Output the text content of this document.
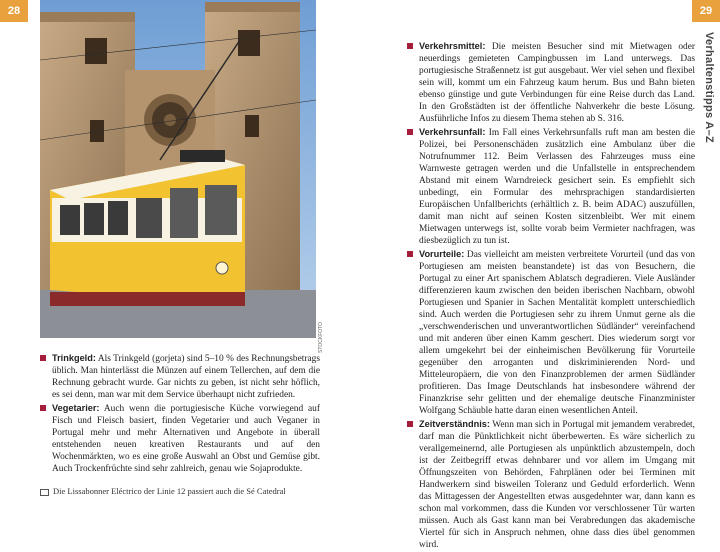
28
STOCKFOTO

Trinkgeld: Als Trinkgeld (gorjeta) sind 5–10 % des Rechnungsbetrags üblich. Man hinterlässt die Münzen auf einem Tellerchen, auf dem die Rechnung gebracht wurde. Gar nichts zu geben, ist nicht sehr höflich, es sei denn, man war mit dem Service überhaupt nicht zufrieden.

Vegetarier: Auch wenn die portugiesische Küche vorwiegend auf Fisch und Fleisch basiert, finden Vegetarier und auch Veganer in Portugal mehr und mehr Alternativen und Angebote in überall entstehenden neuen kreativen Restaurants und auf den Wochenmärkten, wo es eine große Auswahl an Obst und Gemüse gibt. Auch Trockenfrüchte sind sehr zahlreich, genau wie Sojaprodukte.

Die Lissabonner Eléctrico der Linie 12 passiert auch die Sé Catedral
29
Verhaltenstipps A–Z

Verkehrsmittel: Die meisten Besucher sind mit Mietwagen oder neuerdings gemieteten Campingbussen im Land unterwegs. Das portugiesische Straßennetz ist gut ausgebaut. Wer viel sehen und flexibel sein will, kommt um ein Fahrzeug kaum herum. Bus und Bahn bieten ebenso günstige und gute Verbindungen für eine Reise durch das Land. In den Großstädten ist der öffentliche Nahverkehr die beste Lösung. Ausführliche Infos zu diesem Thema stehen ab S. 316.

Verkehrsunfall: Im Fall eines Verkehrsunfalls ruft man am besten die Polizei, bei Personenschäden zusätzlich eine Ambulanz über die Notrufnummer 112. Beim Verlassen des Fahrzeuges muss eine Warnweste getragen werden und die Unfallstelle in entsprechendem Abstand mit einem Warndreieck gesichert sein. Es empfiehlt sich unbedingt, ein Formular des mehrsprachigen standardisierten Europäischen Unfallberichts (erhältlich z. B. beim ADAC) auszufüllen, damit man nicht auf seinen Kosten sitzenbleibt. Wer mit einem Mietwagen unterwegs ist, sollte vorab beim Vermieter nachfragen, was diesbezüglich zu tun ist.

Vorurteile: Das vielleicht am meisten verbreitete Vorurteil (und das von Portugiesen am meisten beanstandete) ist das von Besuchern, die Portugal zu einer Art spanischem Ablatsch degradieren. Viele Ausländer differenzieren kaum zwischen den beiden iberischen Nachbarn, obwohl Portugiesen und Spanier in Sachen Mentalität komplett unterschiedlich sind. Auch werden die Portugiesen sehr zu ihrem Unmut gerne als die „verschwenderischen und unverantwortlichen Südländer“ vereinfachend und mit anderen über einen Kamm geschert. Dies wiederum sorgt vor allem umgekehrt bei der einheimischen Bevölkerung für Vorurteile gegenüber den arroganten und diskriminierenden Nord- und Mitteleuropäern, die von den Finanzproblemen der armen Südländer profitieren. Das Image Deutschlands hat insbesondere während der Finanzkrise sehr gelitten und der ehemalige deutsche Finanzminister Wolfgang Schäuble hatte daran einen wesentlichen Anteil.

Zeitverständnis: Wenn man sich in Portugal mit jemandem verabredet, darf man die Pünktlichkeit nicht überbewerten. Es wäre sicherlich zu verallgemeinernd, alle Portugiesen als unpünktlich abzustempeln, doch ist der Zeitbegriff etwas dehnbarer und vor allem im Umgang mit Öffnungszeiten von Behörden, Fahrplänen oder bei Terminen mit Handwerkern sind bisweilen Toleranz und Geduld erforderlich. Wenn das Mittagessen der Angestellten etwas ausgedehnter war, dann kann es schon mal vorkommen, dass die Kunden vor verschlossener Tür warten müssen. Auch als Gast kann man bei Verabredungen das akademische Viertel für sich in Anspruch nehmen, ohne dass dies übel genommen wird.
